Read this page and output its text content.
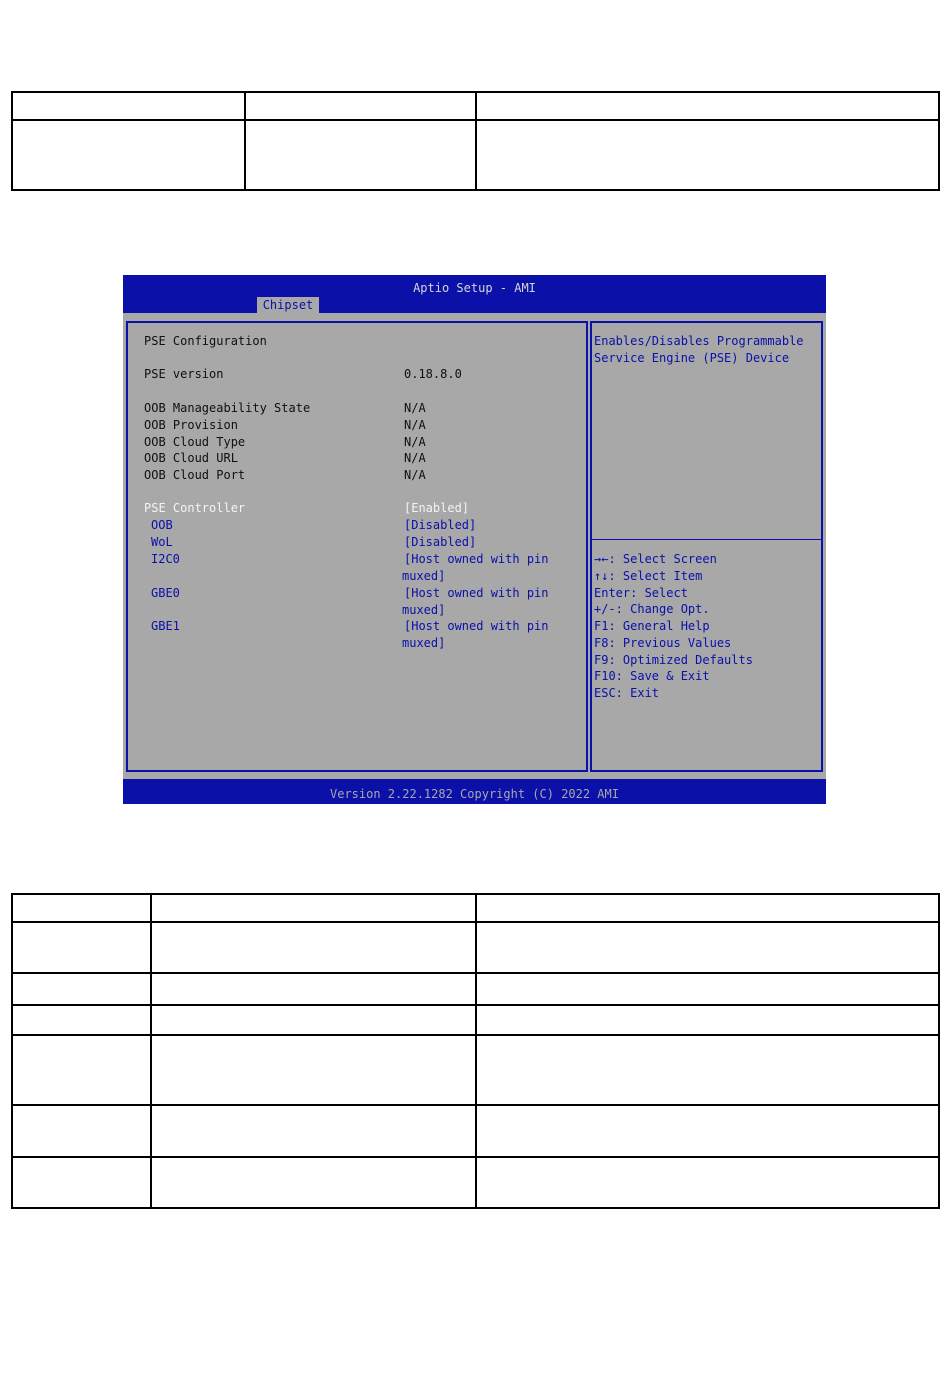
Aptio Setup - AMI
Chipset
PSE Configuration
PSE version	0.18.8.0
OOB Manageability State	N/A
OOB Provision	N/A
OOB Cloud Type	N/A
OOB Cloud URL	N/A
OOB Cloud Port	N/A
PSE Controller	[Enabled]
OOB	[Disabled]
WoL	[Disabled]
I2C0	[Host owned with pin
muxed]
GBE0	[Host owned with pin
muxed]
GBE1	[Host owned with pin
muxed]
Enables/Disables Programmable
Service Engine (PSE) Device
→←: Select Screen
↑↓: Select Item
Enter: Select
+/-: Change Opt.
F1: General Help
F8: Previous Values
F9: Optimized Defaults
F10: Save & Exit
ESC: Exit
Version 2.22.1282 Copyright (C) 2022 AMI
